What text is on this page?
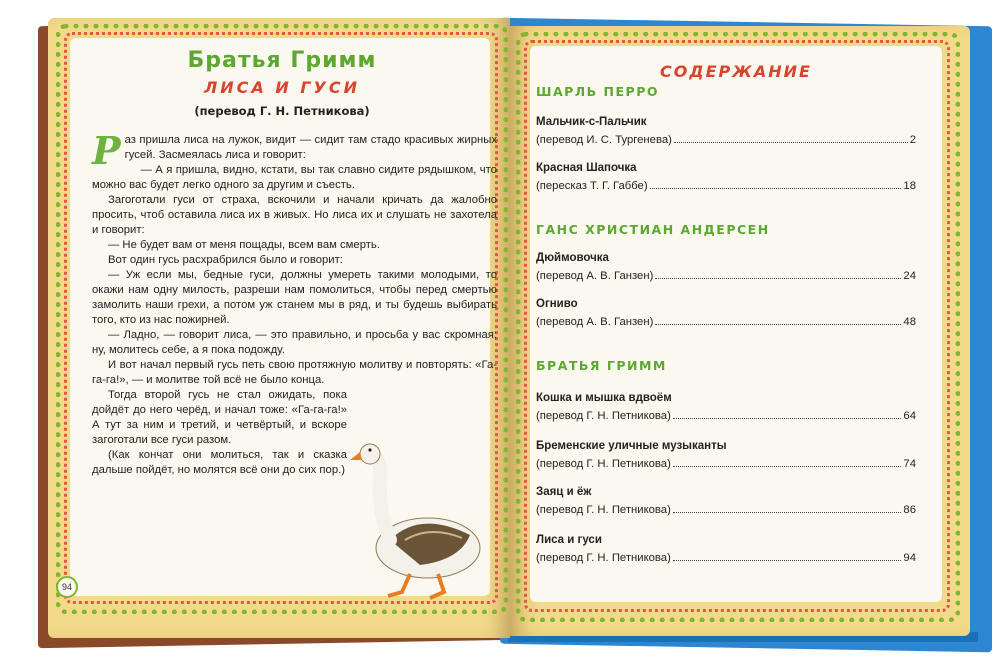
Братья Гримм
ЛИСА И ГУСИ
(перевод Г. Н. Петникова)

Раз пришла лиса на лужок, видит — сидит там стадо красивых жирных гусей. Засмеялась лиса и говорит:

— А я пришла, видно, кстати, вы так славно сидите рядышком, что можно вас будет легко одного за другим и съесть.

Загоготали гуси от страха, вскочили и начали кричать да жалобно просить, чтоб оставила лиса их в живых. Но лиса их и слушать не захотела и говорит:

— Не будет вам от меня пощады, всем вам смерть.

Вот один гусь расхрабрился было и говорит:

— Уж если мы, бедные гуси, должны умереть такими молодыми, то окажи нам одну милость, разреши нам помолиться, чтобы перед смертью замолить наши грехи, а потом уж станем мы в ряд, и ты будешь выбирать того, кто из нас пожирней.

— Ладно, — говорит лиса, — это правильно, и просьба у вас скромная; ну, молитесь себе, а я пока подожду.

И вот начал первый гусь петь свою протяжную молитву и повторять: «Га-га-га!», — и молитве той всё не было конца.

Тогда второй гусь не стал ожидать, пока дойдёт до него черёд, и начал тоже: «Га-га-га!» А тут за ним и третий, и четвёртый, и вскоре загоготали все гуси разом.

(Как кончат они молиться, так и сказка дальше пойдёт, но молятся всё они до сих пор.)

94
СОДЕРЖАНИЕ
ШАРЛЬ ПЕРРО
Мальчик-с-Пальчик
(перевод И. С. Тургенева)	2
Красная Шапочка
(пересказ Т. Г. Габбе)	18
ГАНС ХРИСТИАН АНДЕРСЕН
Дюймовочка
(перевод А. В. Ганзен)	24
Огниво
(перевод А. В. Ганзен)	48
БРАТЬЯ ГРИММ
Кошка и мышка вдвоём
(перевод Г. Н. Петникова)	64
Бременские уличные музыканты
(перевод Г. Н. Петникова)	74
Заяц и ёж
(перевод Г. Н. Петникова)	86
Лиса и гуси
(перевод Г. Н. Петникова)	94
